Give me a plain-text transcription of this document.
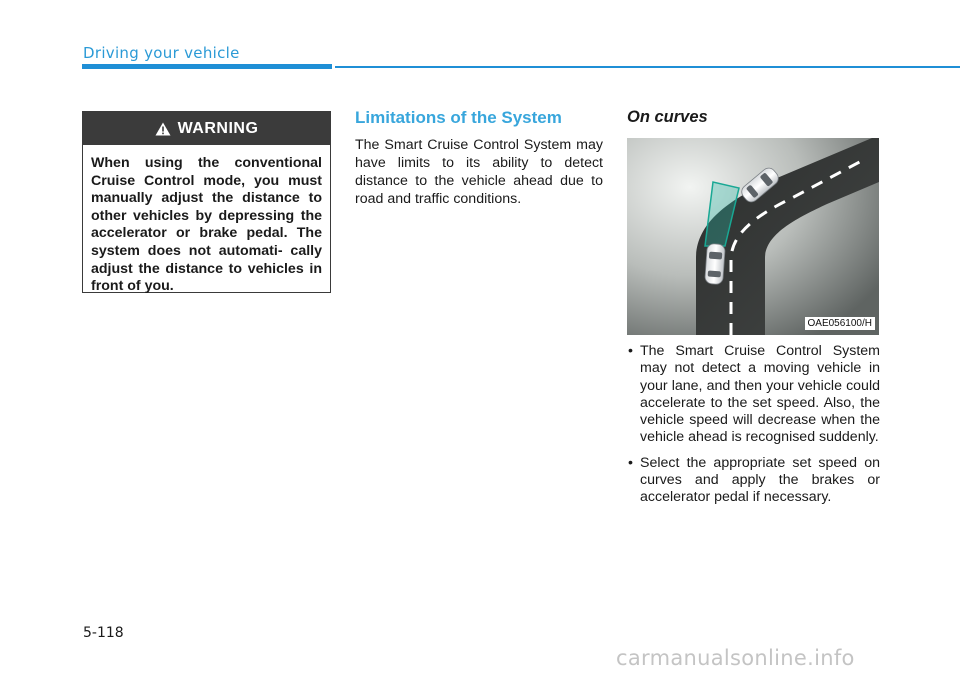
Driving your vehicle
WARNING
When using the conventional Cruise Control mode, you must manually adjust the distance to other vehicles by depressing the accelerator or brake pedal. The system does not automati- cally adjust the distance to vehicles in front of you.
Limitations of the System

The Smart Cruise Control System may have limits to its ability to detect distance to the vehicle ahead due to road and traffic conditions.

On curves
OAE056100/H
• The Smart Cruise Control System may not detect a moving vehicle in your lane, and then your vehicle could accelerate to the set speed. Also, the vehicle speed will decrease when the vehicle ahead is recognised suddenly.
• Select the appropriate set speed on curves and apply the brakes or accelerator pedal if necessary.
5-118
carmanualsonline.info
